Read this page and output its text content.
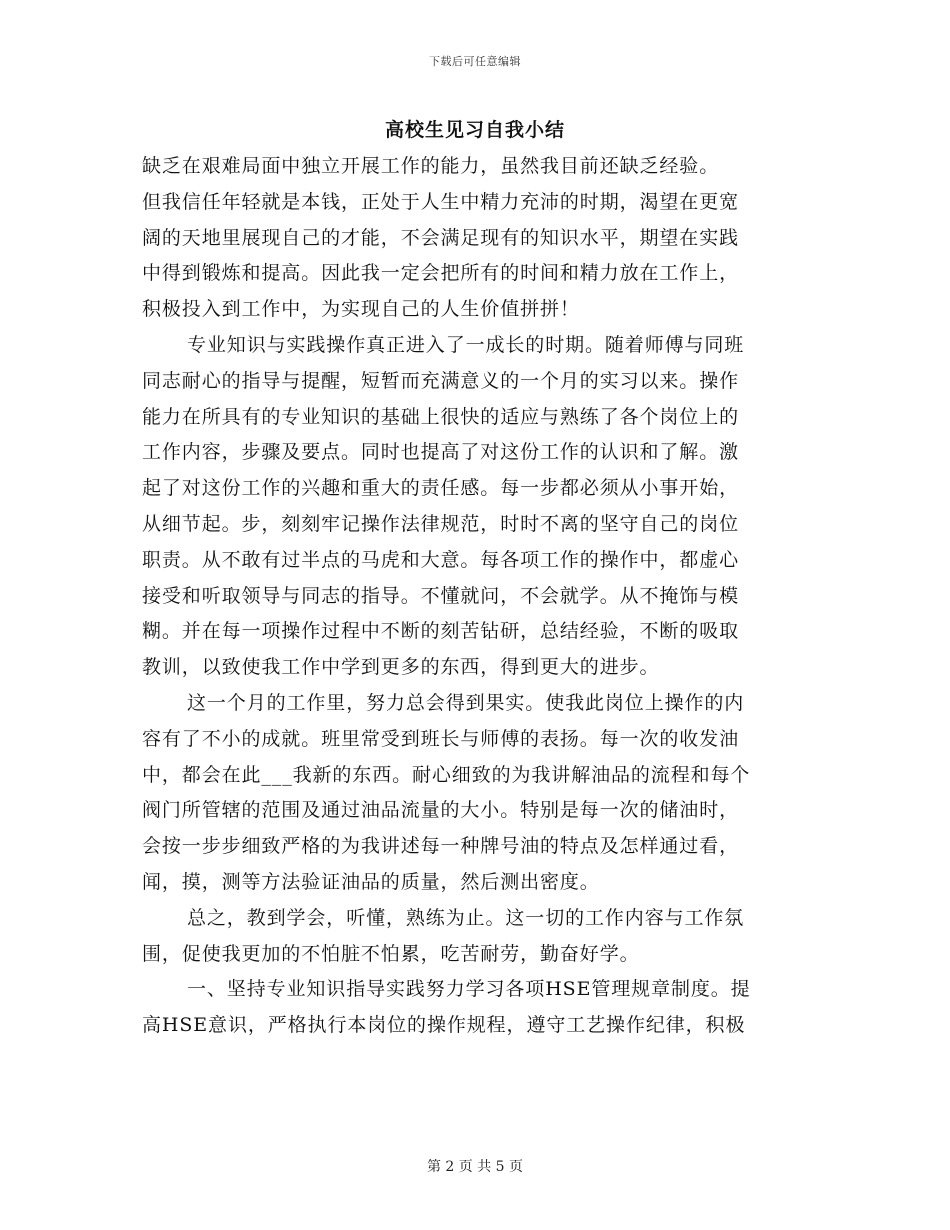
下载后可任意编辑
高校生见习自我小结
缺乏在艰难局面中独立开展工作的能力，虽然我目前还缺乏经验。
但我信任年轻就是本钱，正处于人生中精力充沛的时期，渴望在更宽
阔的天地里展现自己的才能，不会满足现有的知识水平，期望在实践
中得到锻炼和提高。因此我一定会把所有的时间和精力放在工作上，
积极投入到工作中，为实现自己的人生价值拼拼！
专业知识与实践操作真正进入了一成长的时期。随着师傅与同班
同志耐心的指导与提醒，短暂而充满意义的一个月的实习以来。操作
能力在所具有的专业知识的基础上很快的适应与熟练了各个岗位上的
工作内容，步骤及要点。同时也提高了对这份工作的认识和了解。激
起了对这份工作的兴趣和重大的责任感。每一步都必须从小事开始，
从细节起。步，刻刻牢记操作法律规范，时时不离的坚守自己的岗位
职责。从不敢有过半点的马虎和大意。每各项工作的操作中，都虚心
接受和听取领导与同志的指导。不懂就问，不会就学。从不掩饰与模
糊。并在每一项操作过程中不断的刻苦钻研，总结经验，不断的吸取
教训，以致使我工作中学到更多的东西，得到更大的进步。
这一个月的工作里，努力总会得到果实。使我此岗位上操作的内
容有了不小的成就。班里常受到班长与师傅的表扬。每一次的收发油
中，都会在此___我新的东西。耐心细致的为我讲解油品的流程和每个
阀门所管辖的范围及通过油品流量的大小。特别是每一次的储油时，
会按一步步细致严格的为我讲述每一种牌号油的特点及怎样通过看，
闻，摸，测等方法验证油品的质量，然后测出密度。
总之，教到学会，听懂，熟练为止。这一切的工作内容与工作氛
围，促使我更加的不怕脏不怕累，吃苦耐劳，勤奋好学。
一、坚持专业知识指导实践努力学习各项HSE管理规章制度。提
高HSE意识，严格执行本岗位的操作规程，遵守工艺操作纪律，积极
第 2 页 共 5 页
